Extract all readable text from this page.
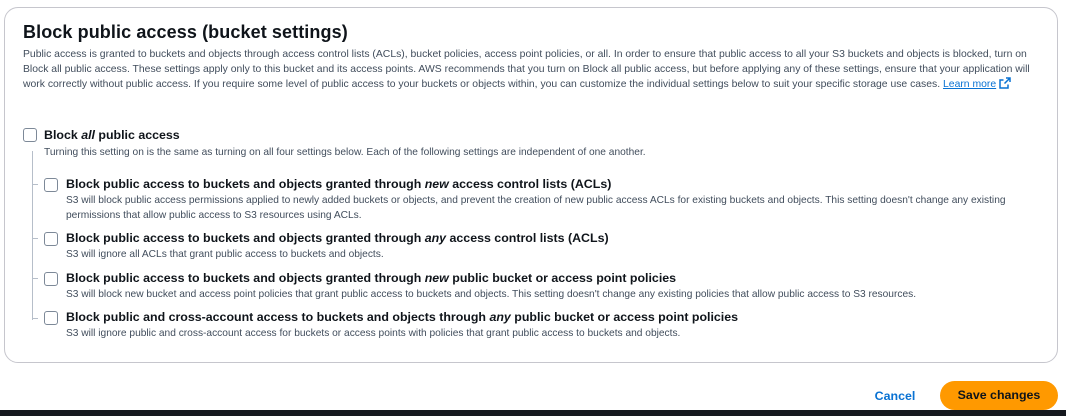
Block public access (bucket settings)
Public access is granted to buckets and objects through access control lists (ACLs), bucket policies, access point policies, or all. In order to ensure that public access to all your S3 buckets and objects is blocked, turn on Block all public access. These settings apply only to this bucket and its access points. AWS recommends that you turn on Block all public access, but before applying any of these settings, ensure that your application will work correctly without public access. If you require some level of public access to your buckets or objects within, you can customize the individual settings below to suit your specific storage use cases. Learn more
Block all public access
Turning this setting on is the same as turning on all four settings below. Each of the following settings are independent of one another.
Block public access to buckets and objects granted through new access control lists (ACLs)
S3 will block public access permissions applied to newly added buckets or objects, and prevent the creation of new public access ACLs for existing buckets and objects. This setting doesn't change any existing permissions that allow public access to S3 resources using ACLs.
Block public access to buckets and objects granted through any access control lists (ACLs)
S3 will ignore all ACLs that grant public access to buckets and objects.
Block public access to buckets and objects granted through new public bucket or access point policies
S3 will block new bucket and access point policies that grant public access to buckets and objects. This setting doesn't change any existing policies that allow public access to S3 resources.
Block public and cross-account access to buckets and objects through any public bucket or access point policies
S3 will ignore public and cross-account access for buckets or access points with policies that grant public access to buckets and objects.
Cancel	Save changes
